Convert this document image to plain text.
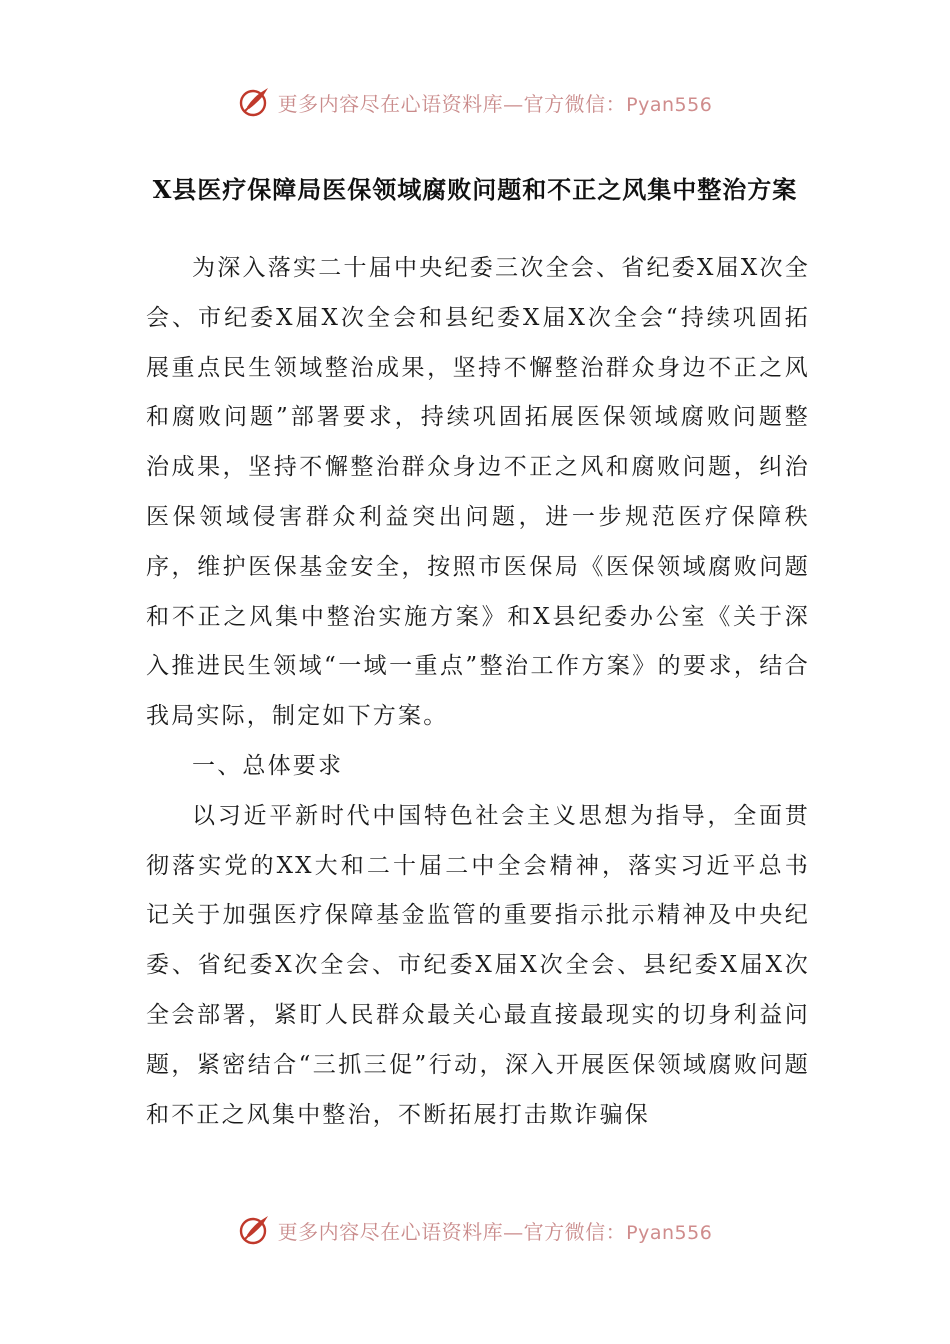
更多内容尽在心语资料库—官方微信：Pyan556
X县医疗保障局医保领域腐败问题和不正之风集中整治方案

为深入落实二十届中央纪委三次全会、省纪委X届X次全会、市纪委X届X次全会和县纪委X届X次全会“持续巩固拓展重点民生领域整治成果，坚持不懈整治群众身边不正之风和腐败问题”部署要求，持续巩固拓展医保领域腐败问题整治成果，坚持不懈整治群众身边不正之风和腐败问题，纠治医保领域侵害群众利益突出问题，进一步规范医疗保障秩序，维护医保基金安全，按照市医保局《医保领域腐败问题和不正之风集中整治实施方案》和X县纪委办公室《关于深入推进民生领域“一域一重点”整治工作方案》的要求，结合我局实际，制定如下方案。

一、总体要求

以习近平新时代中国特色社会主义思想为指导，全面贯彻落实党的XX大和二十届二中全会精神，落实习近平总书记关于加强医疗保障基金监管的重要指示批示精神及中央纪委、省纪委X次全会、市纪委X届X次全会、县纪委X届X次全会部署，紧盯人民群众最关心最直接最现实的切身利益问题，紧密结合“三抓三促”行动，深入开展医保领域腐败问题和不正之风集中整治，不断拓展打击欺诈骗保

更多内容尽在心语资料库—官方微信：Pyan556
